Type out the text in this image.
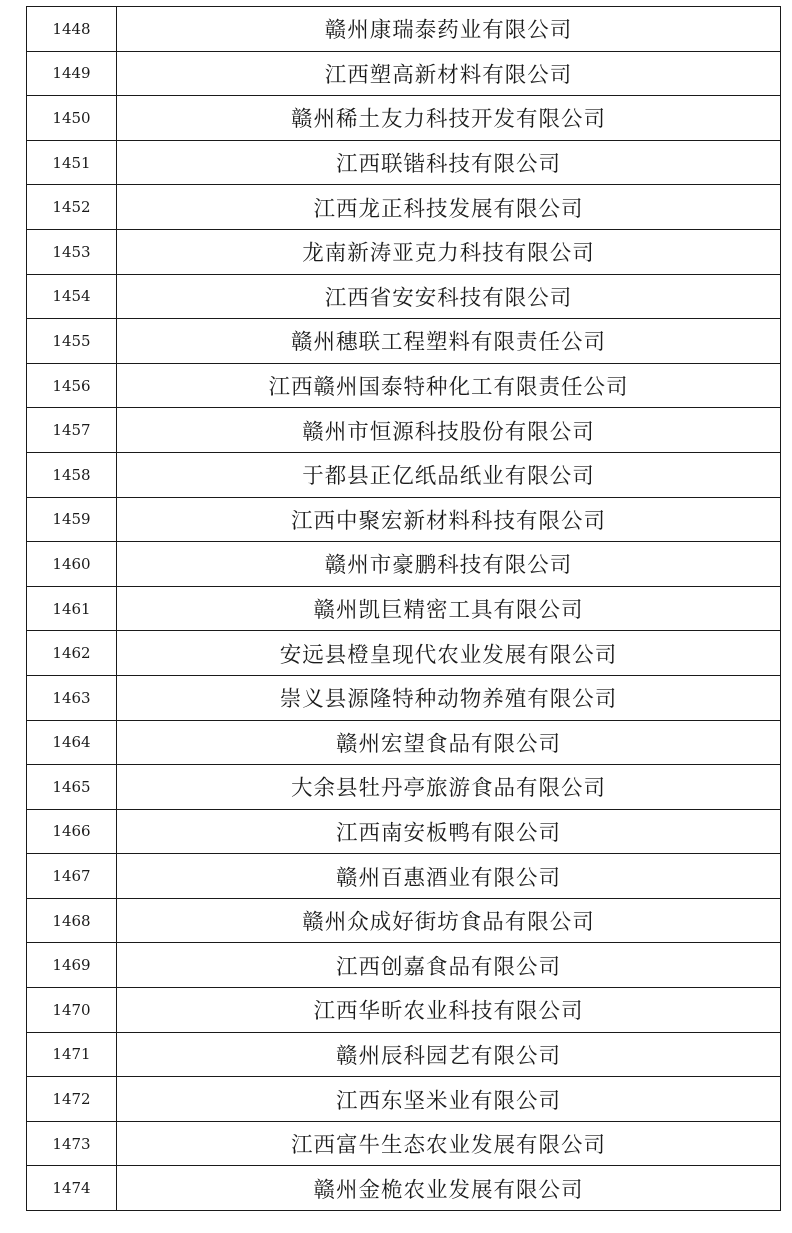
1448	赣州康瑞泰药业有限公司
1449	江西塑高新材料有限公司
1450	赣州稀土友力科技开发有限公司
1451	江西联锴科技有限公司
1452	江西龙正科技发展有限公司
1453	龙南新涛亚克力科技有限公司
1454	江西省安安科技有限公司
1455	赣州穗联工程塑料有限责任公司
1456	江西赣州国泰特种化工有限责任公司
1457	赣州市恒源科技股份有限公司
1458	于都县正亿纸品纸业有限公司
1459	江西中聚宏新材料科技有限公司
1460	赣州市豪鹏科技有限公司
1461	赣州凯巨精密工具有限公司
1462	安远县橙皇现代农业发展有限公司
1463	崇义县源隆特种动物养殖有限公司
1464	赣州宏望食品有限公司
1465	大余县牡丹亭旅游食品有限公司
1466	江西南安板鸭有限公司
1467	赣州百惠酒业有限公司
1468	赣州众成好街坊食品有限公司
1469	江西创嘉食品有限公司
1470	江西华昕农业科技有限公司
1471	赣州辰科园艺有限公司
1472	江西东坚米业有限公司
1473	江西富牛生态农业发展有限公司
1474	赣州金桅农业发展有限公司
